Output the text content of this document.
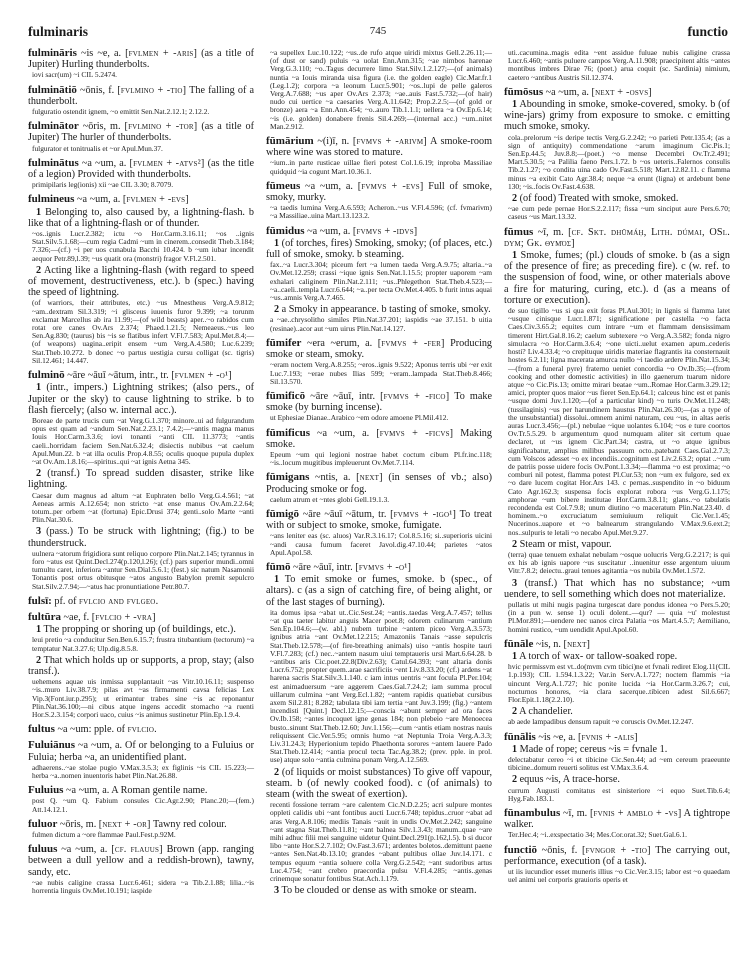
fulminaris	745	functio

fulmināris ~is ~e, a. [fvlmen + -aris] (as a title of Jupiter) Hurling thunderbolts.

iovi sacr(um) ~i CIL 5.2474.

fulminātiō ~ōnis, f. [fvlmino + -tio] The falling of a thunderbolt.

fulguratio ostendit ignem, ~o emittit Sen.Nat.2.12.1; 2.12.2.

fulminātor ~ōris, m. [fvlmino + -tor] (as a title of Jupiter) The hurler of thunderbolts.

fulgurator et tonitrualis et ~or Apul.Mun.37.

fulminātus ~a ~um, a. [fvlmen + -atvs²] (as the title of a legion) Provided with thunderbolts.

primipilaris leg(ionis) xii ~ae CIL 3.30; 8.7079.

fulmineus ~a ~um, a. [fvlmen + -evs]

1 Belonging to, also caused by, a lightning-flash. b like that of a lightning-flash or of thunder.

~os..ignis Lucr.2.382; ictu ~o Hor.Carm.3.16.11; ~os ..ignis Stat.Silv.5.1.68;—cum regia Cadmi ~um in cinerem..consedit Theb.3.184; 7.326;—(cf.) ~i per uos cunabula Bacchi 10.424. b ~um iubar incendit aequor Petr.89,l.39; ~us quatit ora (monstri) fragor V.Fl.2.501.

2 Acting like a lightning-flash (with regard to speed of movement, destructiveness, etc.). b (spec.) having the speed of lightning.

(of warriors, their attributes, etc.) ~us Mnestheus Verg.A.9.812; ~am..dextram Sil.3.319; ~i glisceus iuuenis furor 9.399; ~a torunm exclamat Marcellus ab ira 11.99;—(of wild beasts) aper..~o rabidos cum rotat ore canes Ov.Ars 2.374; Phaed.1.21.5; Nemeaeus..~us leo Sen.Ag.830; (taurus) bis ~is se flatibus infert V.Fl.7.583; Apul.Met.8.4;—(of weapons) uagina..eripit ensem ~um Verg.A.4.580; Luc.6.239; Stat.Theb.10.272. b donec ~o partus uestigia cursu colligat (sc. tigris) Sil.12.461; 14.447.

fulminō ~āre ~āuī ~ātum, intr., tr. [fvlmen + -o¹]

1 (intr., impers.) Lightning strikes; (also pers., of Jupiter or the sky) to cause lightning to strike. b to flash fiercely; (also w. internal acc.).

Boreae de parte trucis cum ~at Verg.G.1.370; minore..ui ad fulgurandum opus est quam ad ~andum Sen.Nat.2.23.1; 7.4.2;—~antis magna manus Iouis Hor.Carm.3.3.6; iovi tonanti ~anti CIL 11.3773; ~antis caeli..horridam faciem Sen.Nat.6.32.4; disiectis nubibus ~at caelum Apul.Mun.22. b ~at illa oculis Prop.4.8.55; oculis quoque pupula duplex ~at Ov.Am.1.8.16;—spiritus..qui ~at ignis Aetna 345.

2 (transf.) To spread sudden disaster, strike like lightning.

Caesar dum magnus ad altum ~at Euphraten bello Verg.G.4.561; ~at Aeneas armis A.12.654; non stricto ~at ense manus Ov.Am.2.2.64; totum..per orbem ~at (fortuna) Epic.Drusi 374; genti..solo Marte ~anti Plin.Nat.30.6.

3 (pass.) To be struck with lightning; (fig.) to be thunderstruck.

uulnera ~atorum frigidiora sunt reliquo corpore Plin.Nat.2.145; tyrannus in foro ~atus est Quint.Decl.274(p.120,l.26); (cf.) pars superior mundi..omni tumultu caret, inferiora ~antur Sen.Dial.5.6.1; (fest.) sic natum Nasamonii Tonantis post ortus obitusque ~atos angusto Babylon premit sepulcro Stat.Silv.2.7.94;—~atus hac pronuntiatione Petr.80.7.

fulsī: pf. of fvlcio and fvlgeo.

fultūra ~ae, f. [fvlcio + -vra]

1 The propping or shoring up (of buildings, etc.).

leui pretio ~a conducitur Sen.Ben.6.15.7; frustra titubantium (tectorum) ~a temptatur Nat.3.27.6; Ulp.dig.8.5.8.

2 That which holds up or supports, a prop, stay; (also transf.).

uehemens aquae uis inmissa supplantauit ~as Vitr.10.16.11; suspenso ~is..muro Liv.38.7.9; pilas avt ~as firmamenti cavsa felicias Lex Vip.3(Font.iur.p.295); ut erimantur trabes sine ~is ac reponantur Plin.Nat.36.100;—ni cibus atque ingens accedit stomacho ~a ruenti Hor.S.2.3.154; corpori uaco, cuius ~is animus sustinetur Plin.Ep.1.9.4.

fultus ~a ~um: pple. of fvlcio.

Fuluiānus ~a ~um, a. Of or belonging to a Fuluius or Fuluia; herba ~a, an unidentified plant.

adhaerens..~ae stolae pugio V.Max.3.5.3; ex figlinis ~is CIL 15.223;—herba ~a..nomen inuentoris habet Plin.Nat.26.88.

Fuluius ~a ~um, a. A Roman gentile name.

post Q. ~um Q. Fabium consules Cic.Agr.2.90; Planc.20;—(fem.) Att.14.12.1.

fuluor ~ōris, m. [next + -or] Tawny red colour.

fulmen dictum a ~ore flammae Paul.Fest.p.92M.

fuluus ~a ~um, a. [cf. flauus] Brown (app. ranging between a dull yellow and a reddish-brown), tawny, sandy, etc.

~ae nubis caligine crassa Lucr.6.461; sidera ~a Tib.2.1.88; lilia..~is horrentia linguis Ov.Met.10.191; iaspide

~a supellex Luc.10.122; ~us..de rufo atque uiridi mixtus Gell.2.26.11;—(of dust or sand) puluis ~a uolat Enn.Ann.315; ~ae nimbos harenae Verg.G.3.110; ~o..Tagus decurrere limo Stat.Silv.1.2.127;—(of animals) nuntia ~a Iouis miranda uisa figura (i.e. the golden eagle) Cic.Mar.fr.1 (Leg.1.2); corpora ~a leonum Lucr.5.901; ~os..lupi de pelle galeros Verg.A.7.688; ~us aper Ov.Ars 2.373; ~ae..auis Fast.5.732;—(of hair) nudo cui uertice ~a caesaries Verg.A.11.642; Prop.2.2.5;—(of gold or bronze) aera ~a Enn.Ann.454; ~o..auro Tib.1.1.1; uellera ~a Ov.Ep.6.14; ~is (i.e. golden) donabere frenis Sil.4.269;—(internal acc.) ~um..nitet Man.2.912.

fūmārium ~(i)ī, n. [fvmvs + -arivm] A smoke-room where wine was stored to mature.

~ium..in parte rusticae uillae fieri potest Col.1.6.19; inproba Massiliae quidquid ~ia cogunt Mart.10.36.1.

fūmeus ~a ~um, a. [fvmvs + -evs] Full of smoke, smoky, murky.

~a taedis lumina Verg.A.6.593; Acheron..~us V.Fl.4.596; (cf. fvmarivm) ~a Massiliae..uina Mart.13.123.2.

fūmidus ~a ~um, a. [fvmvs + -idvs]

1 (of torches, fires) Smoking, smoky; (of places, etc.) full of smoke, smoky. b steaming.

fax..~a Lucr.3.304; piceum fert ~a lumen taeda Verg.A.9.75; altaria..~a Ov.Met.12.259; crassi ~ique ignis Sen.Nat.1.15.5; propter uaporem ~am exhalari caliginem Plin.Nat.2.111; ~us..Phlegethon Stat.Theb.4.523;—~a..caeli..templa Lucr.6.644; ~a..per tecta Ov.Met.4.405. b furit intus aquai ~us..amnis Verg.A.7.465.

2 a Smoky in appearance. b tasting of smoke, smoky.

a ~ae..chrysolitho similes Plin.Nat.37.201; iaspidis ~ae 37.151. b uitia (resinae)..acor aut ~um uirus Plin.Nat.14.127.

fūmifer ~era ~erum, a. [fvmvs + -fer] Producing smoke or steam, smoky.

~eram noctem Verg.A.8.255; ~eros..ignis 9.522; Aponus terris ubi ~er exit Luc.7.193; ~erae nubes Ilias 599; ~eram..lampada Stat.Theb.8.466; Sil.13.570.

fūmificō ~āre ~āuī, intr. [fvmvs + -fico] To make smoke (by burning incense).

ut Ephesiae Dianae..Arabico ~em odore amoene Pl.Mil.412.

fūmificus ~a ~um, a. [fvmvs + -ficvs] Making smoke.

Epeum ~um qui legioni nostrae habet coctum cibum Pl.fr.inc.118; ~is..locum mugitibus impleuerunt Ov.Met.7.114.

fūmigans ~ntis, a. [next] (in senses of vb.; also) Producing smoke or fog.

caelum atrum et ~ntes globi Gell.19.1.3.

fūmigō ~āre ~āuī ~ātum, tr. [fvmvs + -igo¹] To treat with or subject to smoke, smoke, fumigate.

~ans leniter eas (sc. aluos) Var.R.3.16.17; Col.8.5.16; si..superioris uicini ~andi causa fumum faceret Javol.dig.47.10.44; parietes ~atos Apul.Apol.58.

fūmō ~āre ~āuī, intr. [fvmvs + -o¹]

1 To emit smoke or fumes, smoke. b (spec., of altars). c (as a sign of catching fire, of being alight, or of the last stages of burning).

ita domus ipsa ~abat ut..Cic.Sest.24; ~antis..taedas Verg.A.7.457; tellus ~at qua taeter labitur anguis Macer poet.8; odorem culinarum ~antium Sen.Ep.104.6;—(w. abl.) nubem turbine ~antem piceo Verg.A.3.573; ignibus atria ~ant Ov.Met.12.215; Amazoniis Tanais ~asse sepulcris Stat.Theb.12.578;—(of fire-breathing animals) uiso ~antis hospite tauri V.Fl.7.283; (cf.) nec..~antem nasum uiui temptaueris ursi Mart.6.64.28. b ~antibus aris Cic.poet.22.8(Div.2.63); Catul.64.393; ~ant altaria donis Lucr.6.752; propter quem..arae sacrificiis ~ent Liv.8.33.20; (cf.) ardens ~at harena sacris Stat.Silv.3.1.140. c iam intus uentris ~ant focula Pl.Per.104; est animaduersum ~are aggerem Caes.Gal.7.24.2; iam summa procul uillarum culmina ~ant Verg.Ecl.1.82; ~antem rapidis quatiebat cursibus axem Sil.2.81; 8.282; tabulata tibi iam tertia ~ant Juv.3.199; (fig.) ~antem incendisti [Quint.] Decl.12.15;—conscia ~abunt semper ad ora faces Ov.Ib.158; ~antes incoquet igne genas 184; non plebeio ~are Menoecea busto..sinunt Stat.Theb.12.60; Juv.1.156;—cum ~antis etiam nostras nauis reliquissent Cic.Ver.5.95; omnis humo ~at Neptunia Troia Verg.A.3.3; Liv.31.24.3; Hyperionium tepido Phaethonta sorores ~antem lauere Pado Stat.Theb.12.414; ~antia procul tecta Tac.Ag.38.2; (prev. pple. in prol. use) atque solo ~antia culmina ponam Verg.A.12.569.

2 (of liquids or moist substances) To give off vapour, steam. b (of newly cooked food). c (of animals) to steam (with the sweat of exertion).

recenti fossione terram ~are calentem Cic.N.D.2.25; acri sulpure montes oppleti calidis ubi ~ant fontibus aucti Lucr.6.748; tepidus..cruor ~abat ad aras Verg.A.8.106; mediis Tanais ~auit in undis Ov.Met.2.242; sanguine ~ant stagna Stat.Theb.11.81; ~ant balnea Silv.1.3.43; manum..quae ~are mihi adhuc filii mei sanguine uidetur Quint.Decl.291(p.162,l.5). b si ducor libo ~ante Hor.S.2.7.102; Ov.Fast.3.671; ardentes boletos..demittunt paene ~antes Sen.Nat.4b.13.10; grandes ~abant pultibus ollae Juv.14.171. c tempus equum ~antia soluere colla Verg.G.2.542; ~ant sudoribus artus Luc.4.754; ~ant crebro praecordia pulsu V.Fl.4.285; ~antis..genas crinemque sonatur fontibus Stat.Ach.1.179.

3 To be clouded or dense as with smoke or steam.

uti..cacumina..magis edita ~ent assidue fuluae nubis caligine crassa Lucr.6.460; ~antis puluere campos Verg.A.11.908; praecipitent altis ~antes montibus imbres Dirae 76; (poet.) arua coquit (sc. Sardinia) nimium, caetero ~antibus Austris Sil.12.374.

fūmōsus ~a ~um, a. [next + -osvs]

1 Abounding in smoke, smoke-covered, smoky. b (of wine-jars) grimy from exposure to smoke. c emitting much smoke, smoky.

cola..prelorum ~is deripe tectis Verg.G.2.242; ~o parieti Petr.135.4; (as a sign of antiquity) commendatione ~arum imaginum Cic.Pis.1; Sen.Ep.44.5; Juv.8.8;—(poet.) ~o mense Decembri Ov.Tr.2.491; Mart.5.30.5; ~a Palilia faeno Pers.1.72. b ~os ueteris..Falernos consulis Tib.2.1.27; ~o condita uina cado Ov.Fast.5.518; Mart.12.82.11. c flamma minus ~a exibit Cato Agr.38.4; neque ~a erunt (ligna) et ardebunt bene 130; ~is..focis Ov.Fast.4.638.

2 (of food) Treated with smoke, smoked.

~ae cum pede pernae Hor.S.2.2.117; fissa ~um sinciput aure Pers.6.70; caseus ~us Mart.13.32.

fūmus ~ī, m. [cf. Skt. dhūmáḥ, Lith. dúmai, OSl. dym; Gk. θυμός]

1 Smoke, fumes; (pl.) clouds of smoke. b (as a sign of the presence of fire; as preceding fire). c (w. ref. to the suspension of food, wine, or other materials above a fire for maturing, curing, etc.). d (as a means of torture or execution).

de suo tigillo ~us si qua exit foras Pl.Aul.301; in lignis si flamma latet ~usque cinisque Lucr.1.871; significatione per castella ~o facta Caes.Civ.3.65.2; equites cum intrare ~um et flammam densissimam timerent Hirt.Gal.8.16.2; caelum subtexere ~o Verg.A.3.582; fonda nigro simulacra ~o Hor.Carm.3.6.4; ~one uicti..uelut examen apum..cederis hosti? Liv.4.33.4; ~o crepituque uiridis materiae flagrantis ita consternauit hostes 6.2.11; ligna macerata amurca nullo ~i taedio ardere Plin.Nat.15.34;—(from a funeral pyre) fraterno ueniet concordia ~o Ov.Ib.35;—(from cooking and other domestic activities) in illo gaenerum tuarum nidore atque ~o Cic.Pis.13; omitte mirari beatae ~um..Romae Hor.Carm.3.29.12; amici, propter quos maior ~us fieret Sen.Ep.64.1; calceus hinc est et panis ~usque domi Juv.1.120;—(of a particular kind) ~o turis Ov.Met.11.248; (tussilaginis) ~us per harundinem haustus Plin.Nat.26.30;—(as a type of the unsubstantial) dissolui..omnem animi naturam, ceu ~us, in altas aeris auras Lucr.3.456;—(pl.) nebulae ~ique uolantes 6.104; ~os e ture coortos Ov.Tr.5.5.29. b argumentum quod numquam aliter sit certum quae declaret, ut ~us ignem Cic.Part.34; castra, ut ~o atque ignibus significabatur, amplius milibus passuum octo..patebant Caes.Gal.2.7.3; cum Volscos adesset ~o ex incendiis..cognitum est Liv.2.63.2; optat ..~um de patriis posse uidere focis Ov.Pont.1.3.34;—flamma ~o est proxima; ~o comburi nil potest, flamma potest Pl.Cur.53; non ~um ex fulgore, sed ex ~o dare lucem cogitat Hor.Ars 143. c pernas..suspendito in ~o biduum Cato Agr.162.3; suspensa focis explorat robora ~us Verg.G.1.175; amphorae ~um bibere institutae Hor.Carm.3.8.11; glans..~o tabulatis recondenda est Col.7.9.8; unum diutino ~o maceratum Plin.Nat.23.40. d hominem..~o excruciatum semiuiuum reliquit Cic.Ver.1.45; Nucerinos..uapore et ~o balnearum strangulando V.Max.9.6.ext.2; nos..sulpuris te letali ~o necabo Apul.Met.9.27.

2 Steam or mist, vapour.

(terra) quae tenuem exhalat nebulam ~osque uolucris Verg.G.2.217; is qui ex his ab ignis uapore ~us suscitatur ..inuenitur esse argentum uiuum Vitr.7.8.2; deiectu..graui tenues agitantia ~os nubila Ov.Met.1.572.

3 (transf.) That which has no substance; ~um uendere, to sell something which does not materialize.

pullatis ut mihi nugis pagina turgescat dare pondus idonea ~o Pers.5.20; (in a pun w. sense 1) oculi dolent..—qur? — quia ~u' molestust Pl.Mor.891;—uendere nec uanos circa Palatia ~os Mart.4.5.7; Aemiliano, homini rustico, ~um uendidit Apul.Apol.60.

fūnāle ~is, n. [next]

1 A torch of wax- or tallow-soaked rope.

hvic permissvm est vt..do(mvm cvm tibici)ne et fvnali rediret Elog.11(CIL 1.p.193); CIL 1.594.1.3.22; Var.in Serv.A.1.727; noctem flammis ~ia uincunt Verg.A.1.727; hic ponite lucida ~ia Hor.Carm.3.26.7; cui, nocturnos honores, ~ia clara sacerque..tibicen adest Sil.6.667; Flor.Epit.1.18(2.2.10).

2 A chandelier.

ab aede lampadibus densum rapuit ~e coruscis Ov.Met.12.247.

fūnālis ~is ~e, a. [fvnis + -alis]

1 Made of rope; cereus ~is = fvnale 1.

delectabatur cereo ~i et tibicine Cic.Sen.44; ad ~em cereum praeeunte tibicine..domum reuerti solitus est V.Max.3.6.4.

2 equus ~is, A trace-horse.

currum Augusti comitatus est sinisteriore ~i equo Suet.Tib.6.4; Hyg.Fab.183.1.

fūnambulus ~ī, m. [fvnis + amblo + -vs] A tightrope walker.

Ter.Hec.4; ~i..exspectatio 34; Mes.Cor.orat.32; Suet.Gal.6.1.

functiō ~ōnis, f. [fvngor + -tio] The carrying out, performance, execution (of a task).

ut iis iucundior esset muneris illius ~o Cic.Ver.3.15; labor est ~o quaedam uel animi uel corporis grauioris operis et
